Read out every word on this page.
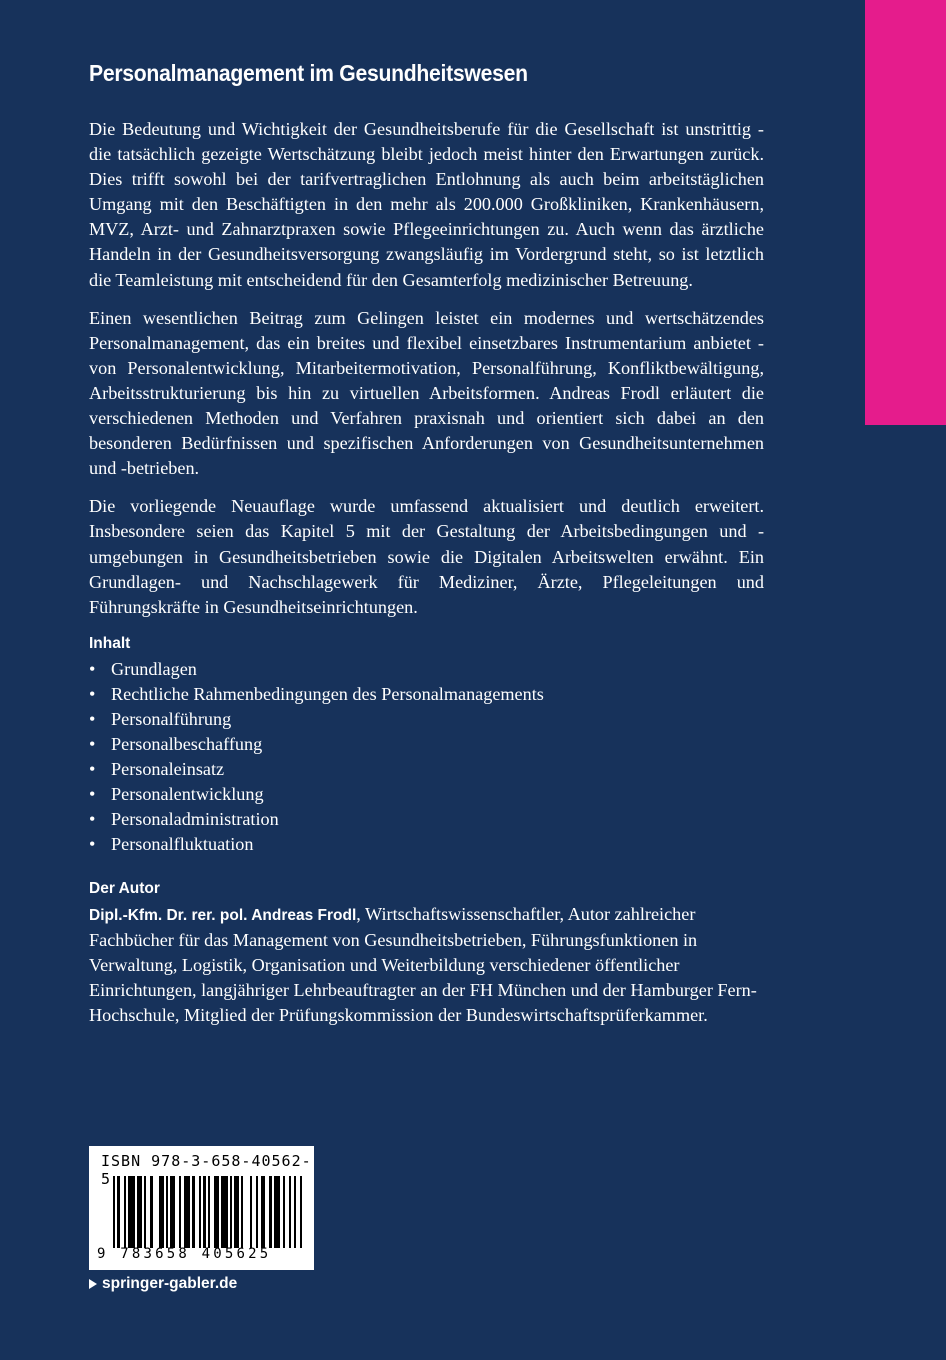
Personalmanagement im Gesundheitswesen

Die Bedeutung und Wichtigkeit der Gesundheitsberufe für die Gesellschaft ist unstrittig - die tatsächlich gezeigte Wertschätzung bleibt jedoch meist hinter den Erwartungen zurück. Dies trifft sowohl bei der tarifvertraglichen Entlohnung als auch beim arbeitstäglichen Umgang mit den Beschäftigten in den mehr als 200.000 Großkliniken, Krankenhäusern, MVZ, Arzt- und Zahnarztpraxen sowie Pflegeeinrichtungen zu. Auch wenn das ärztliche Handeln in der Gesundheitsversorgung zwangsläufig im Vordergrund steht, so ist letztlich die Teamleistung mit entscheidend für den Gesamterfolg medizinischer Betreuung.

Einen wesentlichen Beitrag zum Gelingen leistet ein modernes und wertschätzendes Personalmanagement, das ein breites und flexibel einsetzbares Instrumentarium anbietet - von Personalentwicklung, Mitarbeitermotivation, Personalführung, Konfliktbewältigung, Arbeitsstrukturierung bis hin zu virtuellen Arbeitsformen. Andreas Frodl erläutert die verschiedenen Methoden und Verfahren praxisnah und orientiert sich dabei an den besonderen Bedürfnissen und spezifischen Anforderungen von Gesundheitsunternehmen und -betrieben.

Die vorliegende Neuauflage wurde umfassend aktualisiert und deutlich erweitert. Insbesondere seien das Kapitel 5 mit der Gestaltung der Arbeitsbedingungen und -umgebungen in Gesundheitsbetrieben sowie die Digitalen Arbeitswelten erwähnt. Ein Grundlagen- und Nachschlagewerk für Mediziner, Ärzte, Pflegeleitungen und Führungskräfte in Gesundheitseinrichtungen.

Inhalt
• Grundlagen
• Rechtliche Rahmenbedingungen des Personalmanagements
• Personalführung
• Personalbeschaffung
• Personaleinsatz
• Personalentwicklung
• Personaladministration
• Personalfluktuation
Der Autor

Dipl.-Kfm. Dr. rer. pol. Andreas Frodl, Wirtschaftswissenschaftler, Autor zahlreicher Fachbücher für das Management von Gesundheitsbetrieben, Führungsfunktionen in Verwaltung, Logistik, Organisation und Weiterbildung verschiedener öffentlicher Einrichtungen, langjähriger Lehrbeauftragter an der FH München und der Hamburger Fern-Hochschule, Mitglied der Prüfungskommission der Bundeswirtschaftsprüferkammer.

ISBN 978-3-658-40562-5
9 783658 405625
springer-gabler.de
